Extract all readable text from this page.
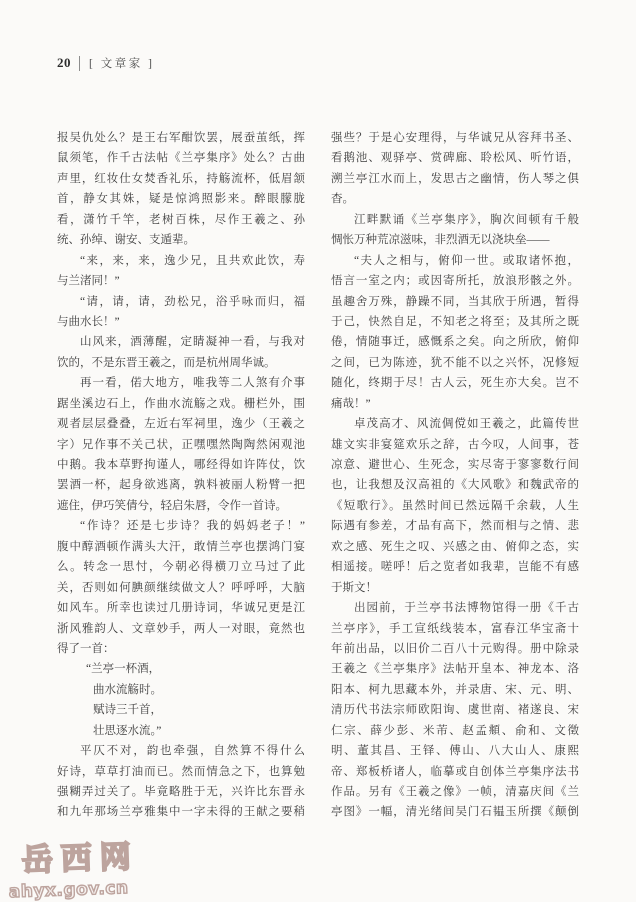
20 [ 文章家 ]
报吴仇处么？是王右军酣饮罢，展蚕茧纸，挥
鼠须笔，作千古法帖《兰亭集序》处么？古曲
声里，红妆仕女焚香礼乐，持觞流杯，低眉颔
首，静女其姝，疑是惊鸿照影来。醉眼朦胧
看，潇竹千竿，老树百株，尽作王羲之、孙
统、孙绰、谢安、支遁辈。
“来，来，来，逸少兄，且共欢此饮，寿
与兰渚同！”
“请，请，请，劲松兄，浴乎咏而归，福
与曲水长！”
山风来，酒薄醒，定睛凝神一看，与我对
饮的，不是东晋王羲之，而是杭州周华诚。
再一看，偌大地方，唯我等二人煞有介事
踞坐溪边石上，作曲水流觞之戏。栅栏外，围
观者层层叠叠，左近右军祠里，逸少（王羲之
字）兄作事不关己状，正嘿嘿然陶陶然闲观池
中鹅。我本草野拘谨人，哪经得如许阵仗，饮
罢酒一杯，起身欲逃离，孰料被丽人粉臂一把
遮住，伊巧笑倩兮，轻启朱唇，令作一首诗。
“作诗？还是七步诗？我的妈妈老子！”
腹中醇酒顿作满头大汗，敢情兰亭也摆鸿门宴
么。转念一思忖，今朝必得横刀立马过了此
关，否则如何腆颜继续做文人？呼呼呼，大脑
如风车。所幸也读过几册诗词，华诚兄更是江
浙风雅韵人、文章妙手，两人一对眼，竟然也
得了一首：
“兰亭一杯酒，
曲水流觞时。
赋诗三千首，
壮思逐水流。”
平仄不对，韵也牵强，自然算不得什么
好诗，草草打油而已。然而情急之下，也算勉
强糊弄过关了。毕竟略胜于无，兴许比东晋永
和九年那场兰亭雅集中一字未得的王献之要稍
强些？于是心安理得，与华诚兄从容拜书圣、
看鹅池、观驿亭、赏碑廊、聆松风、听竹语，
溯兰亭江水而上，发思古之幽情，伤人琴之俱
杳。
江畔默诵《兰亭集序》，胸次间顿有千般
惆怅万种荒凉滋味，非烈酒无以浇块垒——
“夫人之相与，俯仰一世。或取诸怀抱，
悟言一室之内；或因寄所托，放浪形骸之外。
虽趣舍万殊，静躁不同，当其欣于所遇，暂得
于己，快然自足，不知老之将至；及其所之既
倦，情随事迁，感慨系之矣。向之所欣，俯仰
之间，已为陈迹，犹不能不以之兴怀，况修短
随化，终期于尽！古人云，死生亦大矣。岂不
痛哉！”
卓茂高才、风流倜傥如王羲之，此篇传世
雄文实非宴筵欢乐之辞，古今叹，人间事，苍
凉意、避世心、生死念，实尽寄于寥寥数行间
也，让我想及汉高祖的《大风歌》和魏武帝的
《短歌行》。虽然时间已然远隔千余载，人生
际遇有参差，才品有高下，然而相与之情、悲
欢之感、死生之叹、兴感之由、俯仰之态，实
相遥接。嗟呼！后之览者如我辈，岂能不有感
于斯文！
出园前，于兰亭书法博物馆得一册《千古
兰亭序》，手工宣纸线装本，富春江华宝斋十
年前出品，以旧价二百八十元购得。册中除录
王羲之《兰亭集序》法帖开皇本、神龙本、洛
阳本、柯九思藏本外，并录唐、宋、元、明、
清历代书法宗师欧阳询、虞世南、褚遂良、宋
仁宗、薛少彭、米芾、赵孟頫、俞和、文徵
明、董其昌、王铎、傅山、八大山人、康熙
帝、郑板桥诸人，临摹或自创体兰亭集序法书
作品。另有《王羲之像》一帧，清嘉庆间《兰
亭图》一幅，清光绪间吴门石韫玉所撰《颠倒
岳西网
ahyx.gov.cn
